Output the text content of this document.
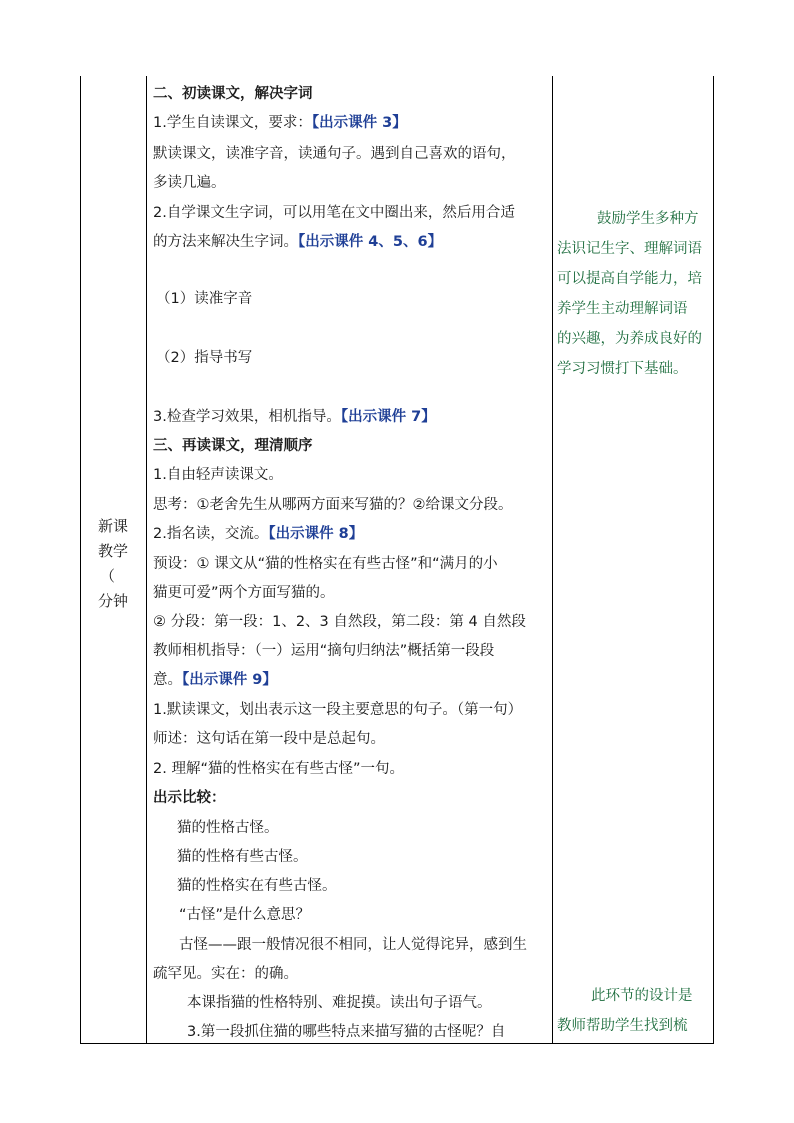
新课
教学
（
分钟
二、初读课文，解决字词
1.学生自读课文，要求：【出示课件 3】
默读课文，读准字音，读通句子。遇到自己喜欢的语句，
多读几遍。
2.自学课文生字词，可以用笔在文中圈出来，然后用合适
的方法来解决生字词。【出示课件 4、5、6】
（1）读准字音
（2）指导书写
3.检查学习效果，相机指导。【出示课件 7】
三、再读课文，理清顺序
1.自由轻声读课文。
思考：①老舍先生从哪两方面来写猫的？②给课文分段。
2.指名读，交流。【出示课件 8】
预设：① 课文从“猫的性格实在有些古怪”和“满月的小
猫更可爱”两个方面写猫的。
② 分段：第一段：1、2、3 自然段，第二段：第 4 自然段
教师相机指导：（一）运用“摘句归纳法”概括第一段段
意。【出示课件 9】
1.默读课文，划出表示这一段主要意思的句子。（第一句）
师述：这句话在第一段中是总起句。
2. 理解“猫的性格实在有些古怪”一句。
出示比较：
猫的性格古怪。
猫的性格有些古怪。
猫的性格实在有些古怪。
“古怪”是什么意思？
古怪——跟一般情况很不相同，让人觉得诧异，感到生
疏罕见。实在：的确。
本课指猫的性格特别、难捉摸。读出句子语气。
3.第一段抓住猫的哪些特点来描写猫的古怪呢？自
鼓励学生多种方
法识记生字、理解词语
可以提高自学能力，培
养学生主动理解词语
的兴趣，为养成良好的
学习习惯打下基础。
此环节的设计是
教师帮助学生找到梳
